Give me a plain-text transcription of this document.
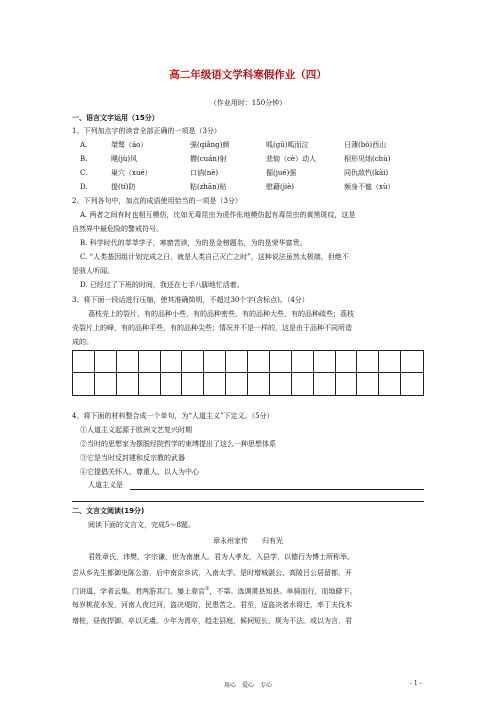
高二年级语文学科寒假作业（四）
（作业用时：150分钟）
一、语言文字运用（15分）
1、下列加点字的读音全部正确的一项是（3分）
A.	桀骜（áo）	强(qiǎng)颜	呱(gū)呱而泣	日薄(bó)西山
B.	飓(jù)风	攒(cuán)射	悲恸（cè）动人	相形见绌(chù)
C.	巢穴（xué）	口讷(nè)	倔(jué)强	同仇敌忾(kài)
D.	提(tí)防	粘(zhān)贴	慰藉(jiè)	频身不恤（xù）
2、下列各句中，加点的成语使用恰当的一项是（3分）
A. 两者之间有时也相互模仿，比如无毒昆虫为虎作伥地模仿起有毒昆虫的黄黑斑纹，这是
自然界中最危险的警戒符号。
B. 科学时代的莘莘学子，寒窗苦读，为的是金榜题名，为的是荣华富贵。
C. “人类基因组计划完成之日，就是人类自己灭亡之时”，这种说法虽然太极端，但绝不
是骇人听闻。
D. 已经过了下班的时间，我还在七手八脚地忙活着。
3、将下面一段话进行压缩，使其准确简明，不超过30个字(含标点)。（4分）
荔枝壳上的裂片，有的品种小些，有的品种密些，有的品种大些，有的品种疏些；荔枝
壳裂片上的峰，有的品种平些，有的品种尖些；情况并不是一样的，这是由于品种不同所造
成的。
4、将下面的材料整合成一个单句，为“人道主义”下定义。（5分）
①人道主义起源于欧洲文艺复兴时期
②当时的思想家为摆脱经院哲学的束缚提出了这么一种思想体系
③它是当时反封建和反宗教的武器
④它提倡关怀人、尊重人、以人为中心
人道主义是
二、文言文阅读(19分)
阅读下面的文言文，完成5～8题。
章永州家传　　归有光
君姓章氏，讳樊，字宗谦，世为南康人。君为人孝友，入县学，以德行为博士所称举。
尝从乡先生都御史陈公游，后中南京乡试，入南太学。是时增城湛公、高陵吕公居留都，开
门讲道，学者云集。君两游其门。屡上春官①，不第。选调莆县知县。单骑而行，而地僻下。
每岁桃花水发，河南人夜过河，盗决堤防，民患苦之。君至，适盗决者水将迁，率丁夫伐木
增桩，昼夜捍御，卒以无虞。少年为胥卒，趋走县庭，候伺短长，规为不法。或以为言，君
用心　爱心　专心	- 1 -
